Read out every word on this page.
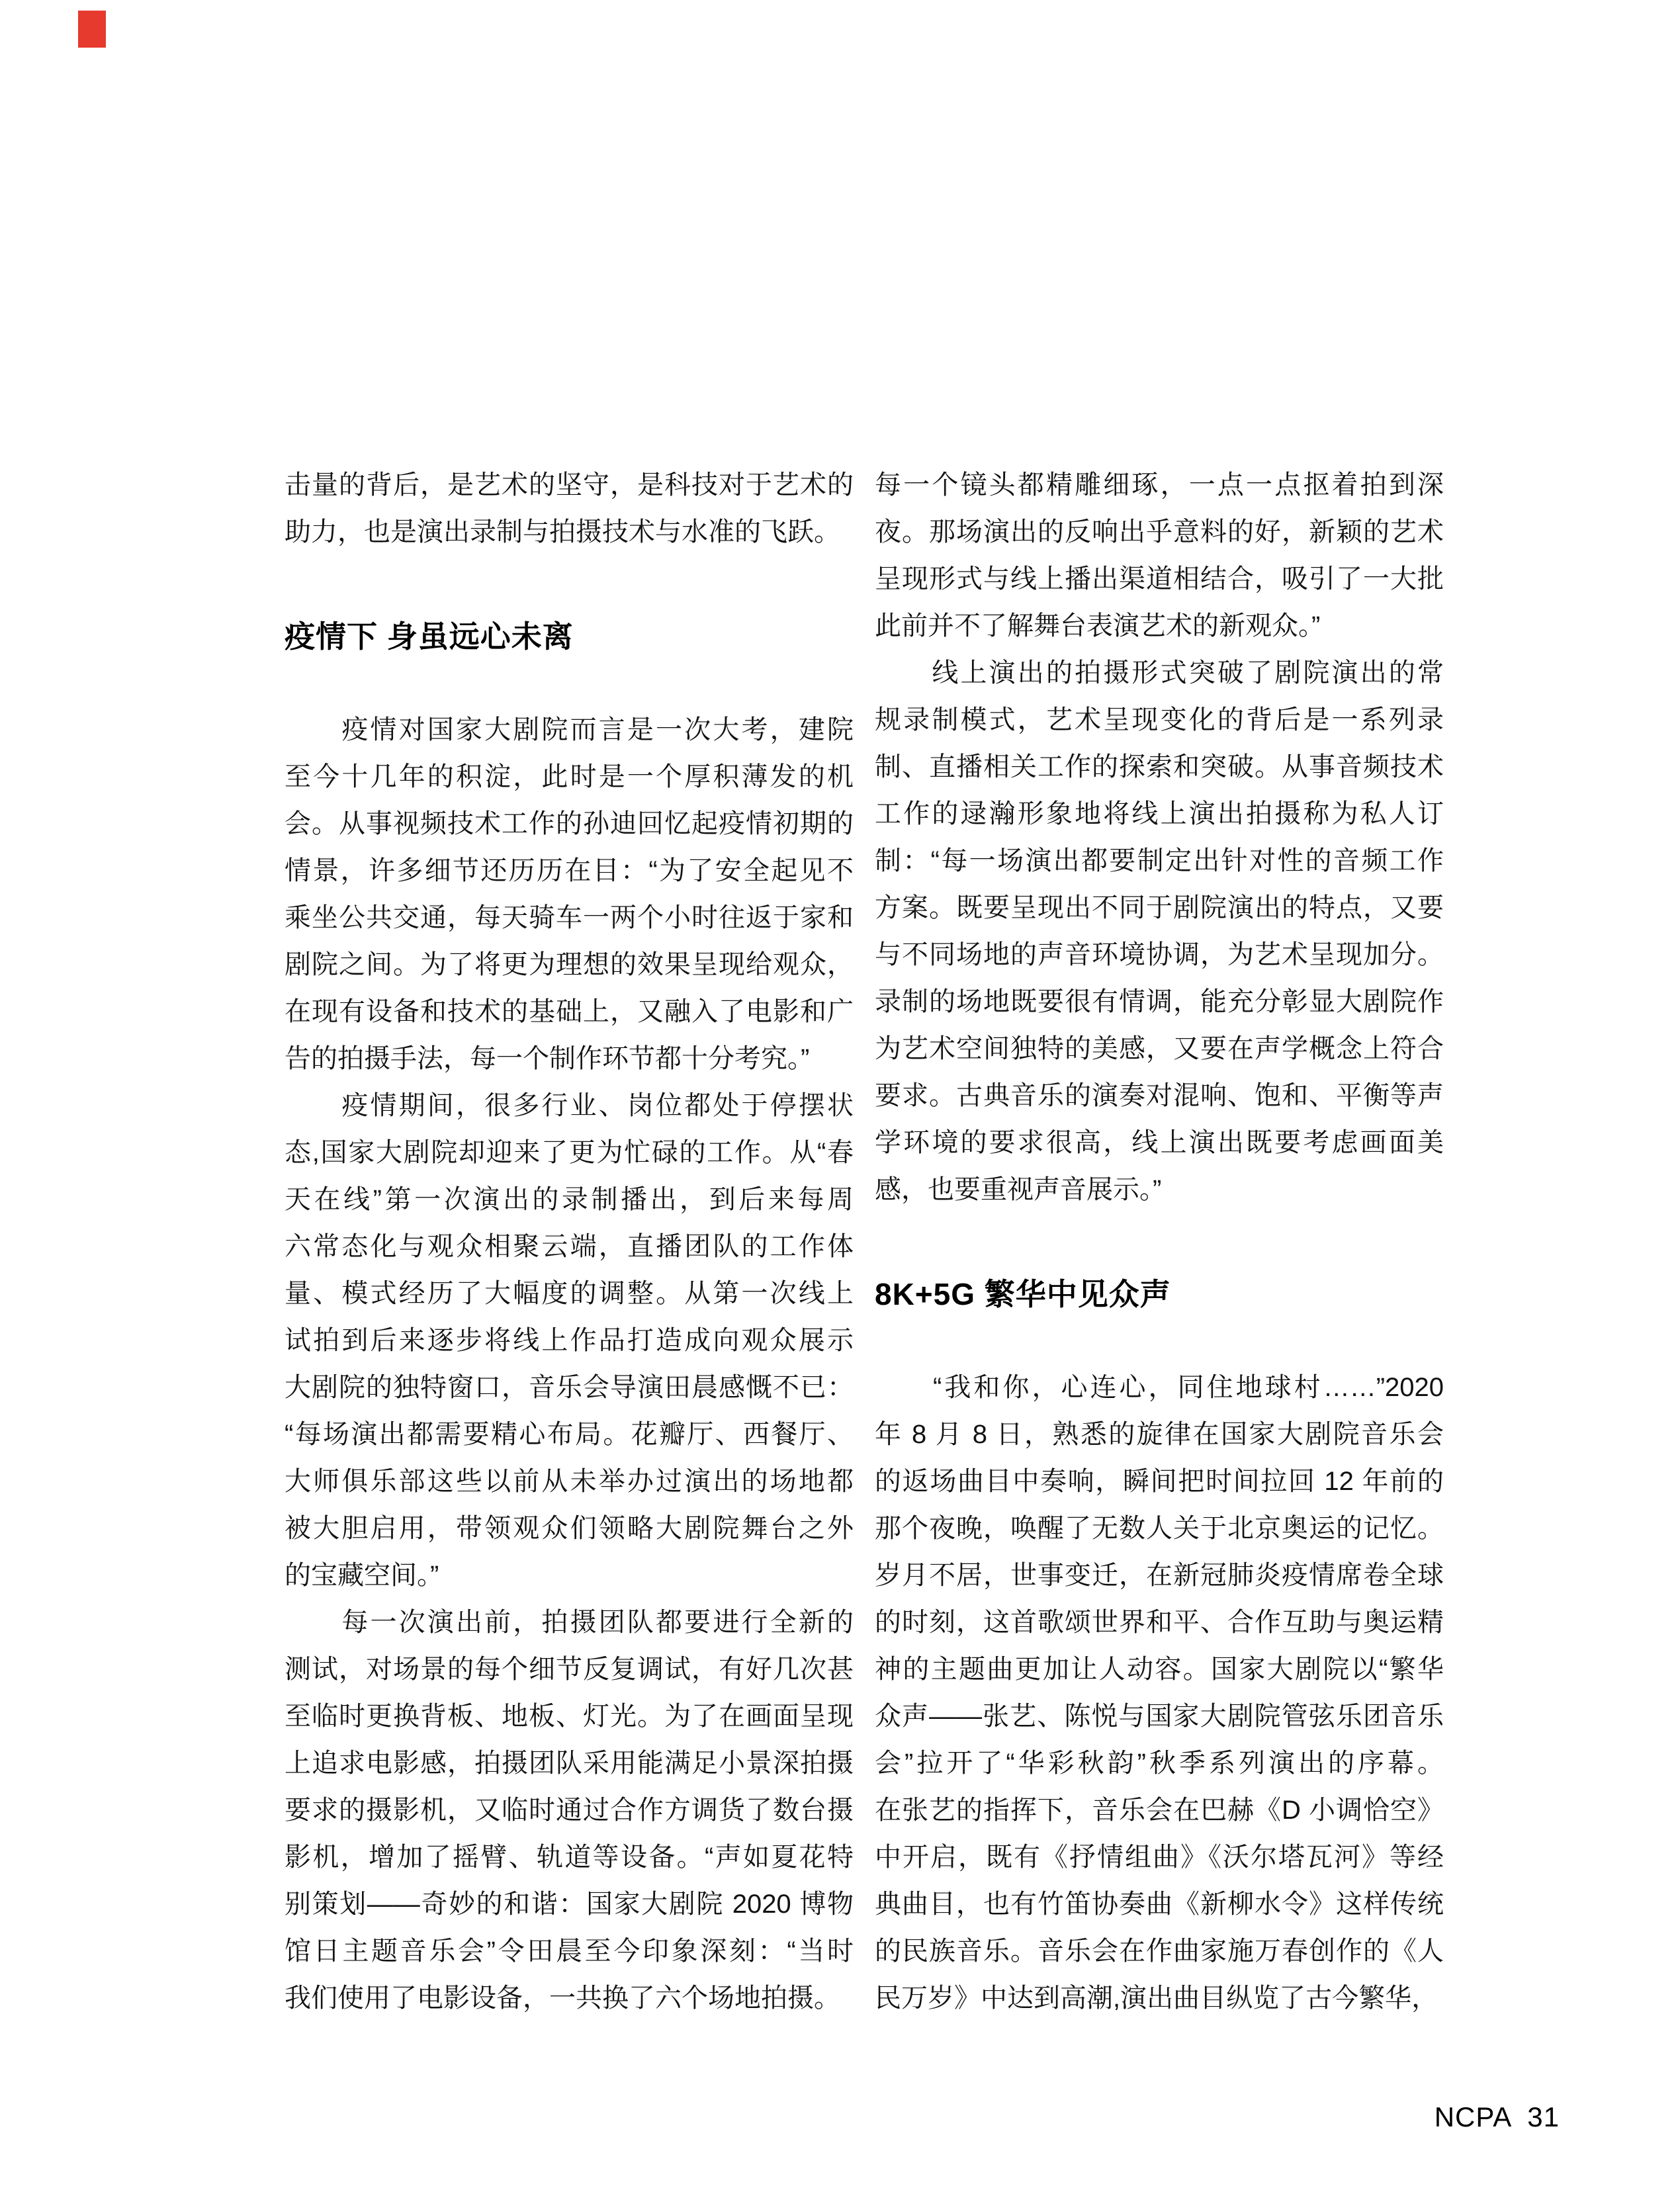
击量的背后，是艺术的坚守，是科技对于艺术的
助力，也是演出录制与拍摄技术与水准的飞跃。
疫情下 身虽远心未离
　　疫情对国家大剧院而言是一次大考，建院
至今十几年的积淀，此时是一个厚积薄发的机
会。从事视频技术工作的孙迪回忆起疫情初期的
情景，许多细节还历历在目：“为了安全起见不
乘坐公共交通，每天骑车一两个小时往返于家和
剧院之间。为了将更为理想的效果呈现给观众，
在现有设备和技术的基础上，又融入了电影和广
告的拍摄手法，每一个制作环节都十分考究。”
　　疫情期间，很多行业、岗位都处于停摆状
态,国家大剧院却迎来了更为忙碌的工作。从“春
天在线”第一次演出的录制播出，到后来每周
六常态化与观众相聚云端，直播团队的工作体
量、模式经历了大幅度的调整。从第一次线上
试拍到后来逐步将线上作品打造成向观众展示
大剧院的独特窗口，音乐会导演田晨感慨不已：
“每场演出都需要精心布局。花瓣厅、西餐厅、
大师俱乐部这些以前从未举办过演出的场地都
被大胆启用，带领观众们领略大剧院舞台之外
的宝藏空间。”
　　每一次演出前，拍摄团队都要进行全新的
测试，对场景的每个细节反复调试，有好几次甚
至临时更换背板、地板、灯光。为了在画面呈现
上追求电影感，拍摄团队采用能满足小景深拍摄
要求的摄影机，又临时通过合作方调货了数台摄
影机，增加了摇臂、轨道等设备。“声如夏花特
别策划——奇妙的和谐：国家大剧院 2020 博物
馆日主题音乐会”令田晨至今印象深刻：“当时
我们使用了电影设备，一共换了六个场地拍摄。
每一个镜头都精雕细琢，一点一点抠着拍到深
夜。那场演出的反响出乎意料的好，新颖的艺术
呈现形式与线上播出渠道相结合，吸引了一大批
此前并不了解舞台表演艺术的新观众。”
　　线上演出的拍摄形式突破了剧院演出的常
规录制模式，艺术呈现变化的背后是一系列录
制、直播相关工作的探索和突破。从事音频技术
工作的逯瀚形象地将线上演出拍摄称为私人订
制：“每一场演出都要制定出针对性的音频工作
方案。既要呈现出不同于剧院演出的特点，又要
与不同场地的声音环境协调，为艺术呈现加分。
录制的场地既要很有情调，能充分彰显大剧院作
为艺术空间独特的美感，又要在声学概念上符合
要求。古典音乐的演奏对混响、饱和、平衡等声
学环境的要求很高，线上演出既要考虑画面美
感，也要重视声音展示。”
8K+5G 繁华中见众声
　　“我和你，心连心，同住地球村……”2020
年 8 月 8 日，熟悉的旋律在国家大剧院音乐会
的返场曲目中奏响，瞬间把时间拉回 12 年前的
那个夜晚，唤醒了无数人关于北京奥运的记忆。
岁月不居，世事变迁，在新冠肺炎疫情席卷全球
的时刻，这首歌颂世界和平、合作互助与奥运精
神的主题曲更加让人动容。国家大剧院以“繁华
众声——张艺、陈悦与国家大剧院管弦乐团音乐
会”拉开了“华彩秋韵”秋季系列演出的序幕。
在张艺的指挥下，音乐会在巴赫《D 小调恰空》
中开启，既有《抒情组曲》《沃尔塔瓦河》等经
典曲目，也有竹笛协奏曲《新柳水令》这样传统
的民族音乐。音乐会在作曲家施万春创作的《人
民万岁》中达到高潮,演出曲目纵览了古今繁华，

NCPA  31
